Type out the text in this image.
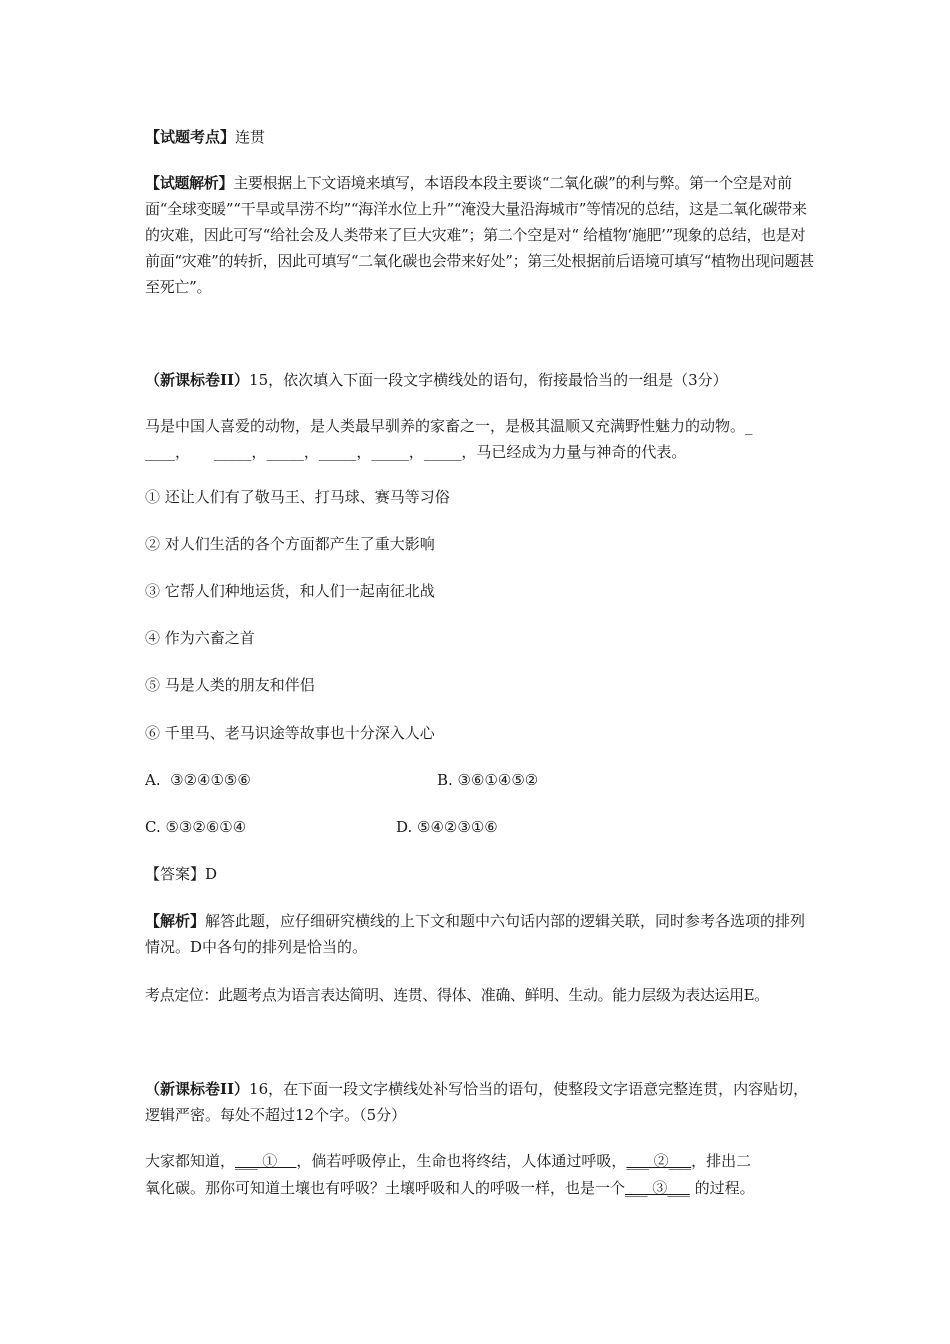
【试题考点】连贯
【试题解析】主要根据上下文语境来填写，本语段本段主要谈“二氧化碳”的利与弊。第一个空是对前面“全球变暖”“干旱或旱涝不均”“海洋水位上升”“淹没大量沿海城市”等情况的总结，这是二氧化碳带来的灾难，因此可写“给社会及人类带来了巨大灾难”；第二个空是对“ 给植物‘施肥’”现象的总结，也是对前面“灾难”的转折，因此可填写“二氧化碳也会带来好处”；第三处根据前后语境可填写“植物出现问题甚至死亡”。
（新课标卷II）15，依次填入下面一段文字横线处的语句，衔接最恰当的一组是（3分）
马是中国人喜爱的动物，是人类最早驯养的家畜之一，是极其温顺又充满野性魅力的动物。_
____，     _____，_____，_____，_____，_____，马已经成为力量与神奇的代表。
① 还让人们有了敬马王、打马球、赛马等习俗
② 对人们生活的各个方面都产生了重大影响
③ 它帮人们种地运货，和人们一起南征北战
④ 作为六畜之首
⑤ 马是人类的朋友和伴侣
⑥ 千里马、老马识途等故事也十分深入人心
A.  ③②④①⑤⑥	B. ③⑥①④⑤②
C. ⑤③②⑥①④	D. ⑤④②③①⑥
【答案】D
【解析】解答此题，应仔细研究横线的上下文和题中六句话内部的逻辑关联，同时参考各选项的排列情况。D中各句的排列是恰当的。
考点定位：此题考点为语言表达简明、连贯、得体、准确、鲜明、生动。能力层级为表达运用E。
（新课标卷II）16，在下面一段文字横线处补写恰当的语句，使整段文字语意完整连贯，内容贴切，逻辑严密。每处不超过12个字。（5分）
大家都知道，___ ①    ，倘若呼吸停止，生命也将终结，人体通过呼吸，___ ②___，排出二
氧化碳。那你可知道土壤也有呼吸？土壤呼吸和人的呼吸一样，也是一个___ ③___ 的过程。
